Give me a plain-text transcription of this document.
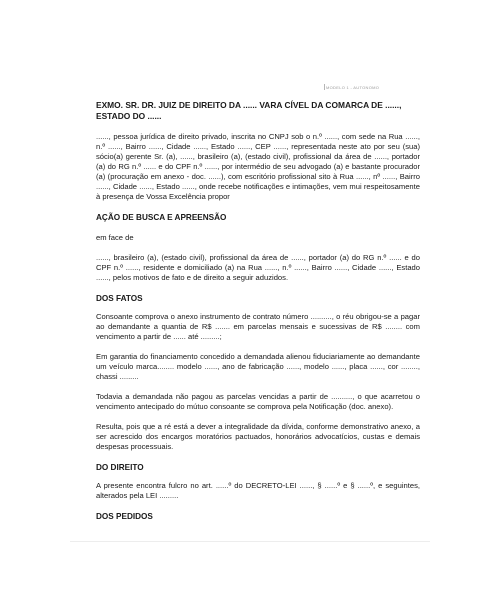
MODELO 1 - AUTONOMO
EXMO. SR. DR. JUIZ DE DIREITO DA ...... VARA CÍVEL DA COMARCA DE ......, ESTADO DO ......

......, pessoa jurídica de direito privado, inscrita no CNPJ sob o n.º ......, com sede na Rua ......, n.º ......, Bairro ......, Cidade ......, Estado ......, CEP ......, representada neste ato por seu (sua) sócio(a) gerente Sr. (a), ......, brasileiro (a), (estado civil), profissional da área de ......, portador (a) do RG n.º ...... e do CPF n.º ......, por intermédio de seu advogado (a) e bastante procurador (a) (procuração em anexo - doc. ......), com escritório profissional sito à Rua ......, nº ......, Bairro ......, Cidade ......, Estado ......, onde recebe notificações e intimações, vem mui respeitosamente à presença de Vossa Excelência propor

AÇÃO DE BUSCA E APREENSÃO

em face de

......, brasileiro (a), (estado civil), profissional da área de ......, portador (a) do RG n.º ...... e do CPF n.º ......, residente e domiciliado (a) na Rua ......, n.º ......, Bairro ......, Cidade ......, Estado ......, pelos motivos de fato e de direito a seguir aduzidos.

DOS FATOS

Consoante comprova o anexo instrumento de contrato número .........., o réu obrigou-se a pagar ao demandante a quantia de R$ ....... em parcelas mensais e sucessivas de R$ ........ com vencimento a partir de ...... até .........;

Em garantia do financiamento concedido a demandada alienou fiduciariamente ao demandante um veículo marca........ modelo ......, ano de fabricação ......, modelo ......, placa ......, cor ........, chassi .........

Todavia a demandada não pagou as parcelas vencidas a partir de .........., o que acarretou o vencimento antecipado do mútuo consoante se comprova pela Notificação (doc. anexo).

Resulta, pois que a ré está a dever a integralidade da dívida, conforme demonstrativo anexo, a ser acrescido dos encargos moratórios pactuados, honorários advocatícios, custas e demais despesas processuais.

DO DIREITO

A presente encontra fulcro no art. ......º do DECRETO-LEI ......, § ......º e § ......º, e seguintes, alterados pela LEI .........

DOS PEDIDOS
